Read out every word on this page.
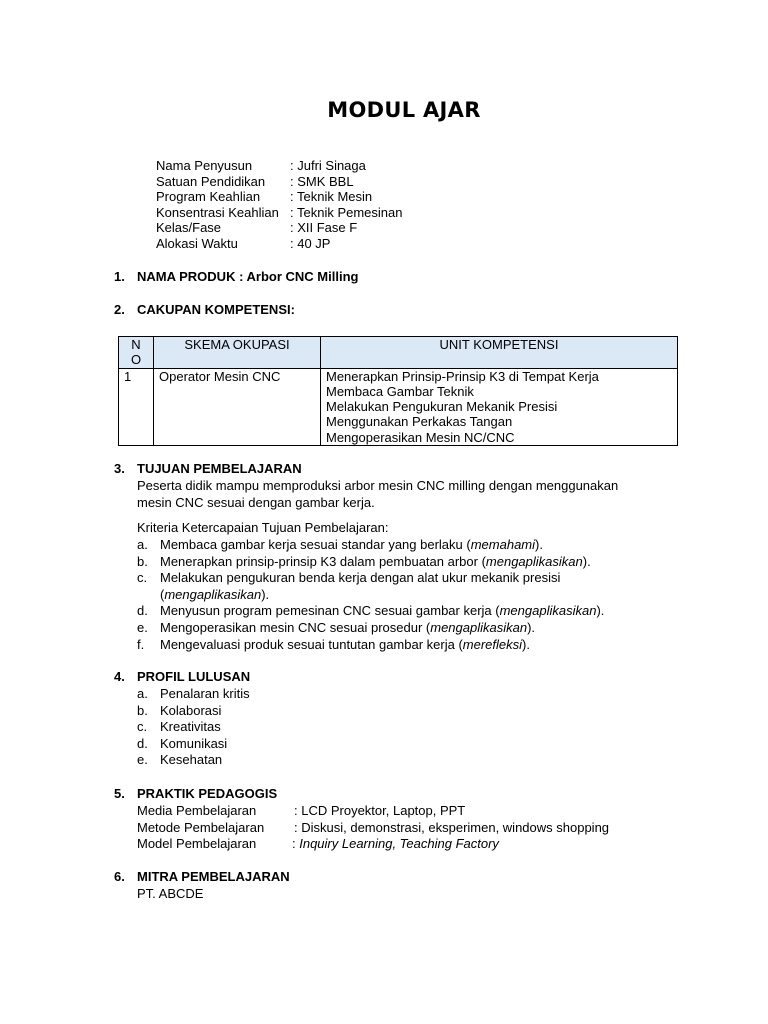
MODUL AJAR
Nama Penyusun	: Jufri Sinaga
Satuan Pendidikan : SMK BBL
Program Keahlian : Teknik Mesin
Konsentrasi Keahlian : Teknik Pemesinan
Kelas/Fase	: XII Fase F
Alokasi Waktu	: 40 JP
1. NAMA PRODUK : Arbor CNC Milling
2. CAKUPAN KOMPETENSI:
N
O	SKEMA OKUPASI	UNIT KOMPETENSI
1	Operator Mesin CNC	Menerapkan Prinsip-Prinsip K3 di Tempat Kerja
Membaca Gambar Teknik
Melakukan Pengukuran Mekanik Presisi
Menggunakan Perkakas Tangan
Mengoperasikan Mesin NC/CNC
3. TUJUAN PEMBELAJARAN
Peserta didik mampu memproduksi arbor mesin CNC milling dengan menggunakan
mesin CNC sesuai dengan gambar kerja.
Kriteria Ketercapaian Tujuan Pembelajaran:
a. Membaca gambar kerja sesuai standar yang berlaku (memahami).
b. Menerapkan prinsip-prinsip K3 dalam pembuatan arbor (mengaplikasikan).
c. Melakukan pengukuran benda kerja dengan alat ukur mekanik presisi
(mengaplikasikan).
d. Menyusun program pemesinan CNC sesuai gambar kerja (mengaplikasikan).
e. Mengoperasikan mesin CNC sesuai prosedur (mengaplikasikan).
f. Mengevaluasi produk sesuai tuntutan gambar kerja (merefleksi).
4. PROFIL LULUSAN
a. Penalaran kritis
b. Kolaborasi
c. Kreativitas
d. Komunikasi
e. Kesehatan
5. PRAKTIK PEDAGOGIS
Media Pembelajaran	: LCD Proyektor, Laptop, PPT
Metode Pembelajaran : Diskusi, demonstrasi, eksperimen, windows shopping
Model Pembelajaran	: Inquiry Learning, Teaching Factory
6. MITRA PEMBELAJARAN
PT. ABCDE
